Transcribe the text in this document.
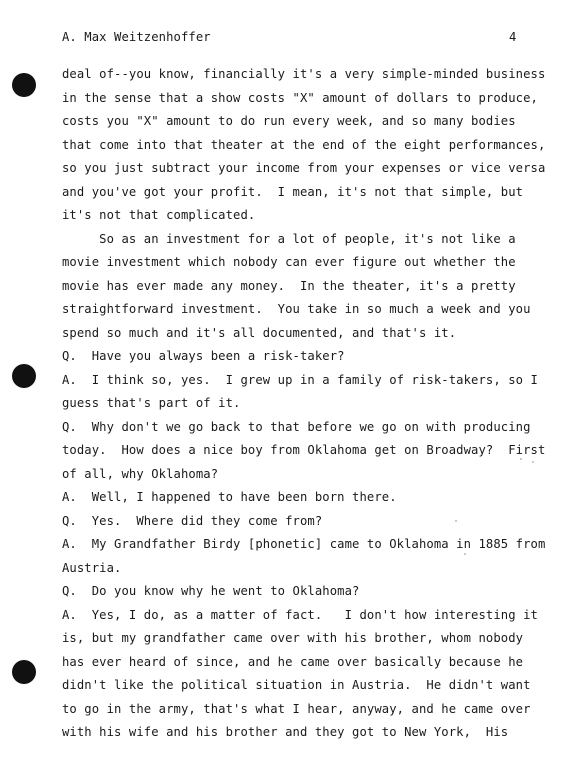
A. Max Weitzenhoffer	4
deal of--you know, financially it's a very simple-minded business
in the sense that a show costs "X" amount of dollars to produce,
costs you "X" amount to do run every week, and so many bodies
that come into that theater at the end of the eight performances,
so you just subtract your income from your expenses or vice versa
and you've got your profit.  I mean, it's not that simple, but
it's not that complicated.
So as an investment for a lot of people, it's not like a
movie investment which nobody can ever figure out whether the
movie has ever made any money.  In the theater, it's a pretty
straightforward investment.  You take in so much a week and you
spend so much and it's all documented, and that's it.
Q.  Have you always been a risk-taker?
A.  I think so, yes.  I grew up in a family of risk-takers, so I
guess that's part of it.
Q.  Why don't we go back to that before we go on with producing
today.  How does a nice boy from Oklahoma get on Broadway?  First
of all, why Oklahoma?
A.  Well, I happened to have been born there.
Q.  Yes.  Where did they come from?
A.  My Grandfather Birdy [phonetic] came to Oklahoma in 1885 from
Austria.
Q.  Do you know why he went to Oklahoma?
A.  Yes, I do, as a matter of fact.   I don't how interesting it
is, but my grandfather came over with his brother, whom nobody
has ever heard of since, and he came over basically because he
didn't like the political situation in Austria.  He didn't want
to go in the army, that's what I hear, anyway, and he came over
with his wife and his brother and they got to New York,  His
